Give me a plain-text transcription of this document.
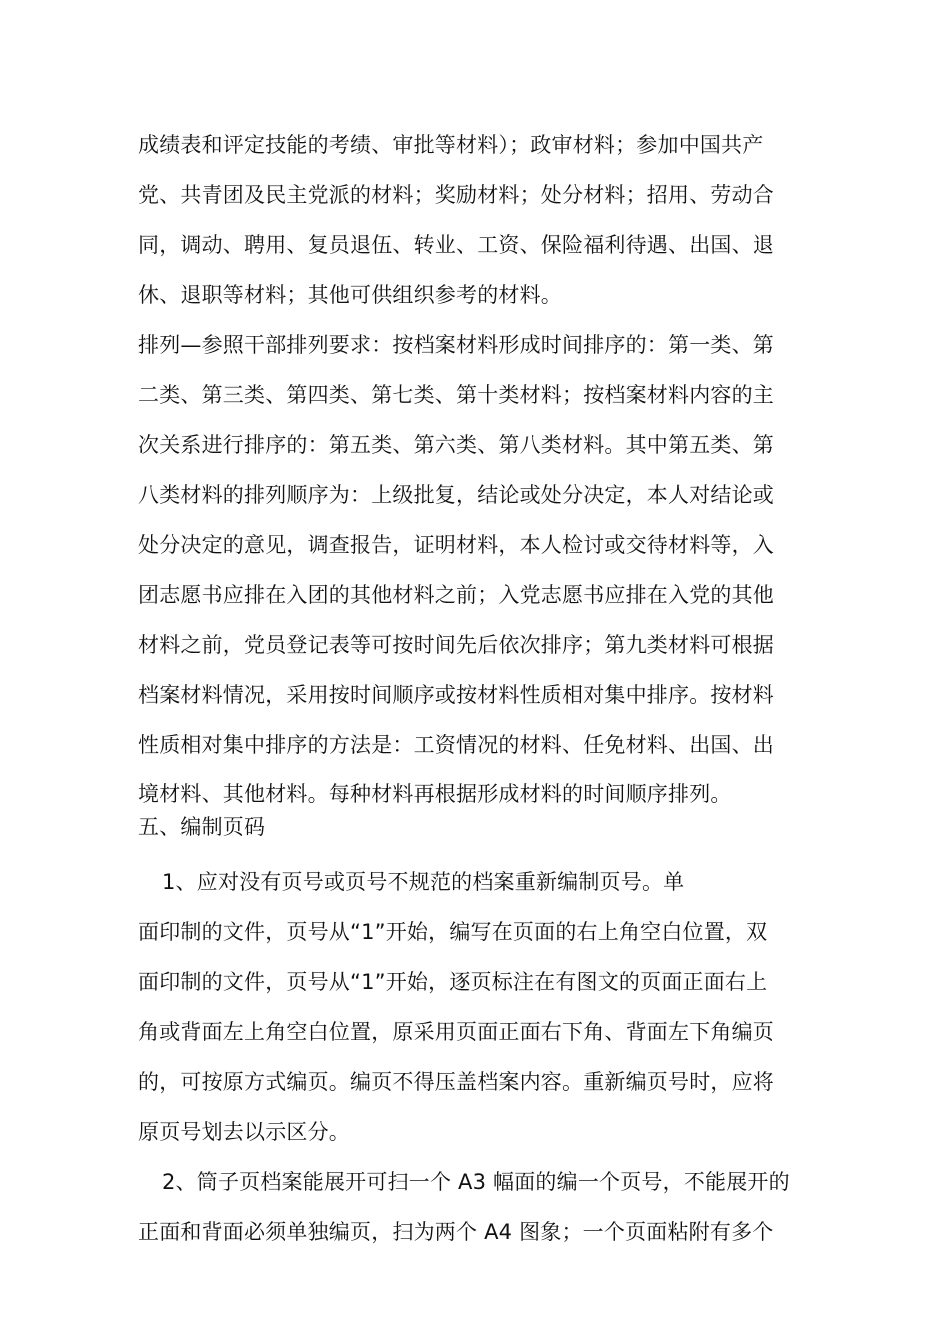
成绩表和评定技能的考绩、审批等材料）；政审材料；参加中国共产
党、共青团及民主党派的材料；奖励材料；处分材料；招用、劳动合
同，调动、聘用、复员退伍、转业、工资、保险福利待遇、出国、退
休、退职等材料；其他可供组织参考的材料。
排列—参照干部排列要求：按档案材料形成时间排序的：第一类、第
二类、第三类、第四类、第七类、第十类材料；按档案材料内容的主
次关系进行排序的：第五类、第六类、第八类材料。其中第五类、第
八类材料的排列顺序为：上级批复，结论或处分决定，本人对结论或
处分决定的意见，调查报告，证明材料，本人检讨或交待材料等，入
团志愿书应排在入团的其他材料之前；入党志愿书应排在入党的其他
材料之前，党员登记表等可按时间先后依次排序；第九类材料可根据
档案材料情况，采用按时间顺序或按材料性质相对集中排序。按材料
性质相对集中排序的方法是：工资情况的材料、任免材料、出国、出
境材料、其他材料。每种材料再根据形成材料的时间顺序排列。
五、编制页码
1、应对没有页号或页号不规范的档案重新编制页号。单
面印制的文件，页号从“1”开始，编写在页面的右上角空白位置，双
面印制的文件，页号从“1”开始，逐页标注在有图文的页面正面右上
角或背面左上角空白位置，原采用页面正面右下角、背面左下角编页
的，可按原方式编页。编页不得压盖档案内容。重新编页号时，应将
原页号划去以示区分。
2、筒子页档案能展开可扫一个 A3 幅面的编一个页号，不能展开的
正面和背面必须单独编页，扫为两个 A4 图象；一个页面粘附有多个
